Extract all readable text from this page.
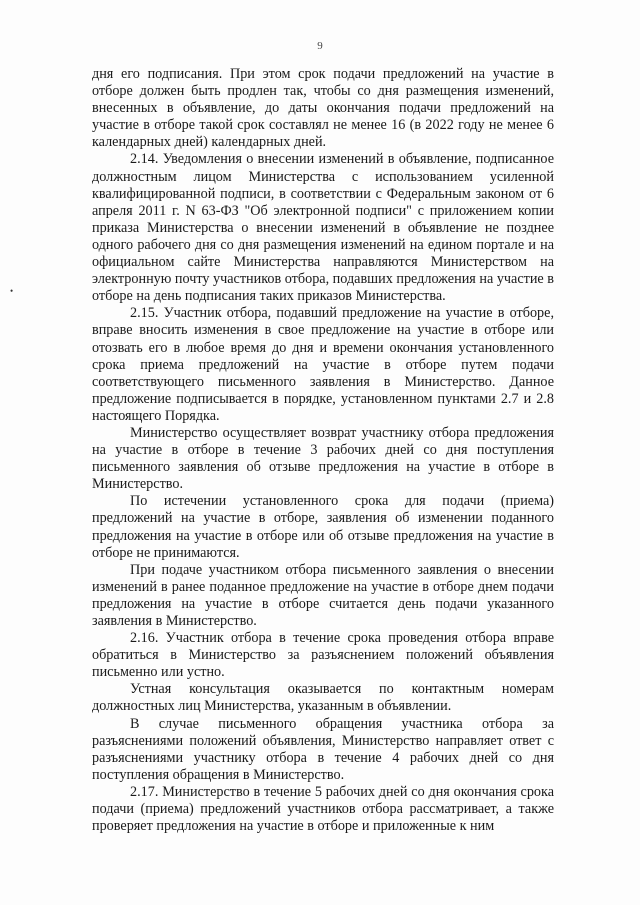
9
•

дня его подписания. При этом срок подачи предложений на участие в отборе должен быть продлен так, чтобы со дня размещения изменений, внесенных в объявление, до даты окончания подачи предложений на участие в отборе такой срок составлял не менее 16 (в 2022 году не менее 6 календарных дней) календарных дней.

2.14. Уведомления о внесении изменений в объявление, подписанное должностным лицом Министерства с использованием усиленной квалифицированной подписи, в соответствии с Федеральным законом от 6 апреля 2011 г. N 63-ФЗ "Об электронной подписи" с приложением копии приказа Министерства о внесении изменений в объявление не позднее одного рабочего дня со дня размещения изменений на едином портале и на официальном сайте Министерства направляются Министерством на электронную почту участников отбора, подавших предложения на участие в отборе на день подписания таких приказов Министерства.

2.15. Участник отбора, подавший предложение на участие в отборе, вправе вносить изменения в свое предложение на участие в отборе или отозвать его в любое время до дня и времени окончания установленного срока приема предложений на участие в отборе путем подачи соответствующего письменного заявления в Министерство. Данное предложение подписывается в порядке, установленном пунктами 2.7 и 2.8 настоящего Порядка.

Министерство осуществляет возврат участнику отбора предложения на участие в отборе в течение 3 рабочих дней со дня поступления письменного заявления об отзыве предложения на участие в отборе в Министерство.

По истечении установленного срока для подачи (приема) предложений на участие в отборе, заявления об изменении поданного предложения на участие в отборе или об отзыве предложения на участие в отборе не принимаются.

При подаче участником отбора письменного заявления о внесении изменений в ранее поданное предложение на участие в отборе днем подачи предложения на участие в отборе считается день подачи указанного заявления в Министерство.

2.16. Участник отбора в течение срока проведения отбора вправе обратиться в Министерство за разъяснением положений объявления письменно или устно.

Устная консультация оказывается по контактным номерам должностных лиц Министерства, указанным в объявлении.

В случае письменного обращения участника отбора за разъяснениями положений объявления, Министерство направляет ответ с разъяснениями участнику отбора в течение 4 рабочих дней со дня поступления обращения в Министерство.

2.17. Министерство в течение 5 рабочих дней со дня окончания срока подачи (приема) предложений участников отбора рассматривает, а также проверяет предложения на участие в отборе и приложенные к ним
